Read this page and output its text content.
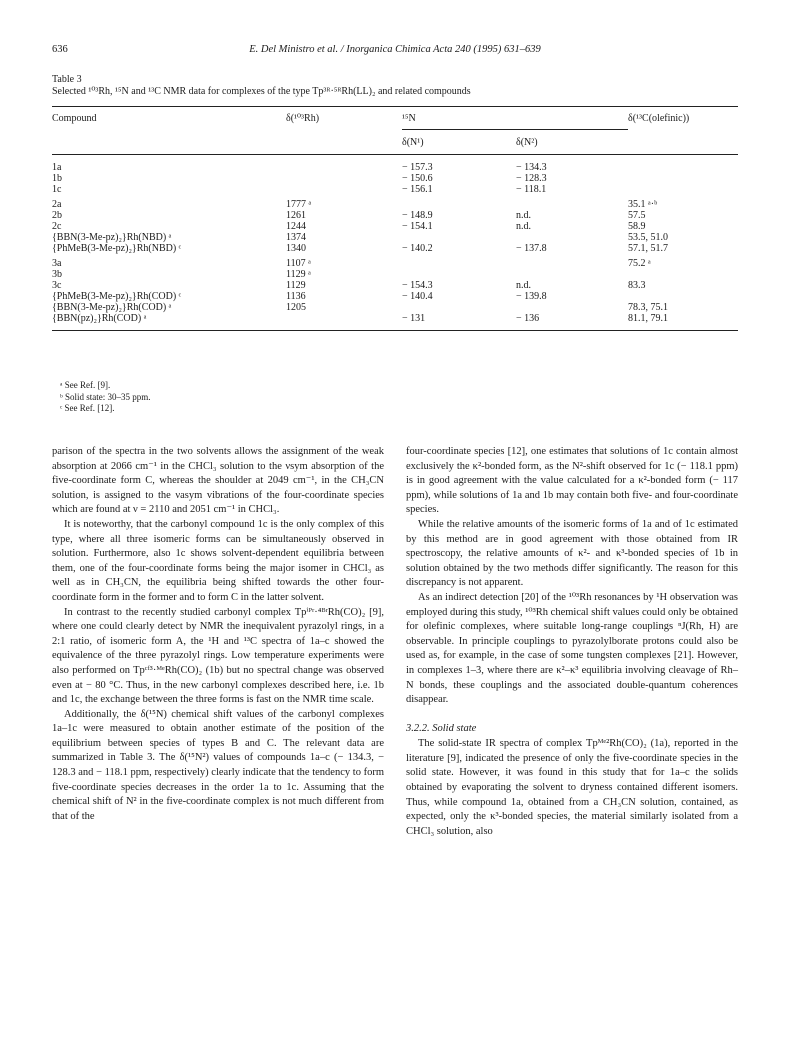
636	E. Del Ministro et al. / Inorganica Chimica Acta 240 (1995) 631–639
Table 3
Selected ¹⁰³Rh, ¹⁵N and ¹³C NMR data for complexes of the type Tp³ᴿ·⁵ᴿRh(LL)₂ and related compounds
Compound	δ(¹⁰³Rh)	¹⁵N		δ(¹³C(olefinic))
		δ(N¹)	δ(N²)	
1a		− 157.3	− 134.3	
1b		− 150.6	− 128.3	
1c		− 156.1	− 118.1	
2a	1777 ᵃ			35.1 ᵃ·ᵇ
2b	1261	− 148.9	n.d.	57.5
2c	1244	− 154.1	n.d.	58.9
{BBN(3-Me-pz)₂}Rh(NBD) ᵃ	1374			53.5, 51.0
{PhMeB(3-Me-pz)₂}Rh(NBD) ᶜ	1340	− 140.2	− 137.8	57.1, 51.7
3a	1107 ᵃ			75.2 ᵃ
3b	1129 ᵃ			
3c	1129	− 154.3	n.d.	83.3
{PhMeB(3-Me-pz)₂}Rh(COD) ᶜ	1136	− 140.4	− 139.8	
{BBN(3-Me-pz)₂}Rh(COD) ᵃ	1205			78.3, 75.1
{BBN(pz)₂}Rh(COD) ᵃ		− 131	− 136	81.1, 79.1
ᵃ See Ref. [9].
ᵇ Solid state: 30–35 ppm.
ᶜ See Ref. [12].

parison of the spectra in the two solvents allows the assignment of the weak absorption at 2066 cm⁻¹ in the CHCl₃ solution to the νsym absorption of the five-coordinate form C, whereas the shoulder at 2049 cm⁻¹, in the CH₃CN solution, is assigned to the νasym vibrations of the four-coordinate species which are found at ν = 2110 and 2051 cm⁻¹ in CHCl₃.

It is noteworthy, that the carbonyl compound 1c is the only complex of this type, where all three isomeric forms can be simultaneously observed in solution. Furthermore, also 1c shows solvent-dependent equilibria between them, one of the four-coordinate forms being the major isomer in CHCl₃ as well as in CH₃CN, the equilibria being shifted towards the other four-coordinate form in the former and to form C in the latter solvent.

In contrast to the recently studied carbonyl complex Tpⁱᴾʳ·⁴ᴮʳRh(CO)₂ [9], where one could clearly detect by NMR the inequivalent pyrazolyl rings, in a 2:1 ratio, of isomeric form A, the ¹H and ¹³C spectra of 1a–c showed the equivalence of the three pyrazolyl rings. Low temperature experiments were also performed on Tpᶜᶠ³·ᴹᵉRh(CO)₂ (1b) but no spectral change was observed even at − 80 °C. Thus, in the new carbonyl complexes described here, i.e. 1b and 1c, the exchange between the three forms is fast on the NMR time scale.

Additionally, the δ(¹⁵N) chemical shift values of the carbonyl complexes 1a–1c were measured to obtain another estimate of the position of the equilibrium between species of types B and C. The relevant data are summarized in Table 3. The δ(¹⁵N²) values of compounds 1a–c (− 134.3, − 128.3 and − 118.1 ppm, respectively) clearly indicate that the tendency to form five-coordinate species decreases in the order 1a to 1c. Assuming that the chemical shift of N² in the five-coordinate complex is not much different from that of the

four-coordinate species [12], one estimates that solutions of 1c contain almost exclusively the κ²-bonded form, as the N²-shift observed for 1c (− 118.1 ppm) is in good agreement with the value calculated for a κ²-bonded form (− 117 ppm), while solutions of 1a and 1b may contain both five- and four-coordinate species.

While the relative amounts of the isomeric forms of 1a and of 1c estimated by this method are in good agreement with those obtained from IR spectroscopy, the relative amounts of κ²- and κ³-bonded species of 1b in solution obtained by the two methods differ significantly. The reason for this discrepancy is not apparent.

As an indirect detection [20] of the ¹⁰³Rh resonances by ¹H observation was employed during this study, ¹⁰³Rh chemical shift values could only be obtained for olefinic complexes, where suitable long-range couplings ⁿJ(Rh, H) are observable. In principle couplings to pyrazolylborate protons could also be used as, for example, in the case of some tungsten complexes [21]. However, in complexes 1–3, where there are κ²–κ³ equilibria involving cleavage of Rh–N bonds, these couplings and the associated double-quantum coherences disappear.

3.2.2. Solid state

The solid-state IR spectra of complex Tpᴹᵉ²Rh(CO)₂ (1a), reported in the literature [9], indicated the presence of only the five-coordinate species in the solid state. However, it was found in this study that for 1a–c the solids obtained by evaporating the solvent to dryness contained different isomers. Thus, while compound 1a, obtained from a CH₃CN solution, contained, as expected, only the κ³-bonded species, the material similarly isolated from a CHCl₃ solution, also
